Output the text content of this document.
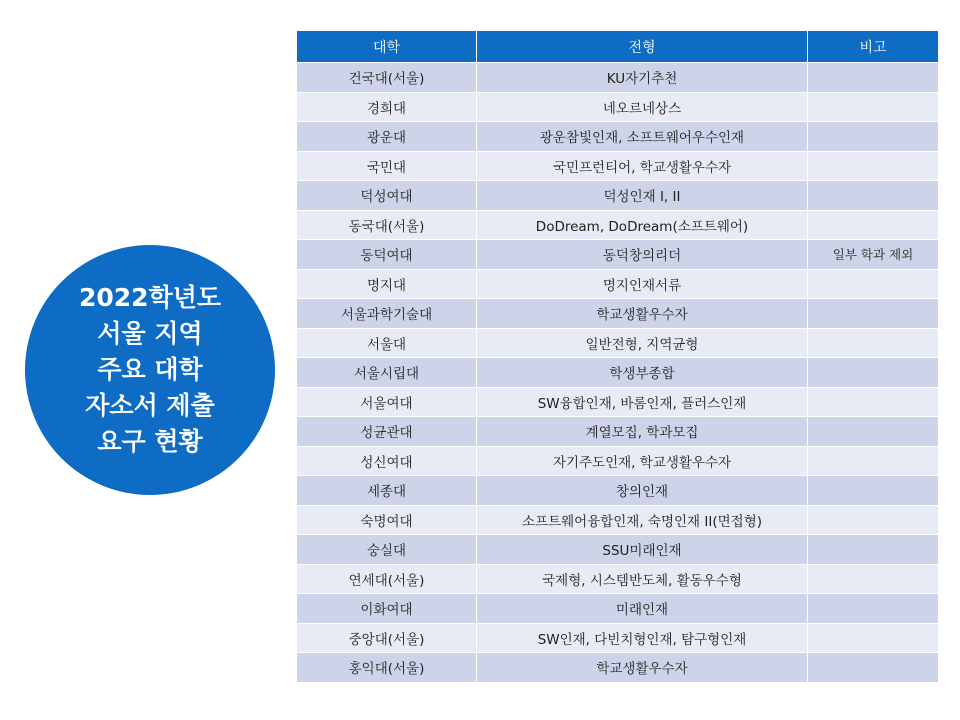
2022학년도
서울 지역
주요 대학
자소서 제출
요구 현황
대학	전형	비고
건국대(서울)	KU자기추천	
경희대	네오르네상스	
광운대	광운참빛인재, 소프트웨어우수인재	
국민대	국민프런티어, 학교생활우수자	
덕성여대	덕성인재 I, II	
동국대(서울)	DoDream, DoDream(소프트웨어)	
동덕여대	동덕창의리더	일부 학과 제외
명지대	명지인재서류	
서울과학기술대	학교생활우수자	
서울대	일반전형, 지역균형	
서울시립대	학생부종합	
서울여대	SW융합인재, 바롬인재, 플러스인재	
성균관대	계열모집, 학과모집	
성신여대	자기주도인재, 학교생활우수자	
세종대	창의인재	
숙명여대	소프트웨어융합인재, 숙명인재 II(면접형)	
숭실대	SSU미래인재	
연세대(서울)	국제형, 시스템반도체, 활동우수형	
이화여대	미래인재	
중앙대(서울)	SW인재, 다빈치형인재, 탐구형인재	
홍익대(서울)	학교생활우수자	
